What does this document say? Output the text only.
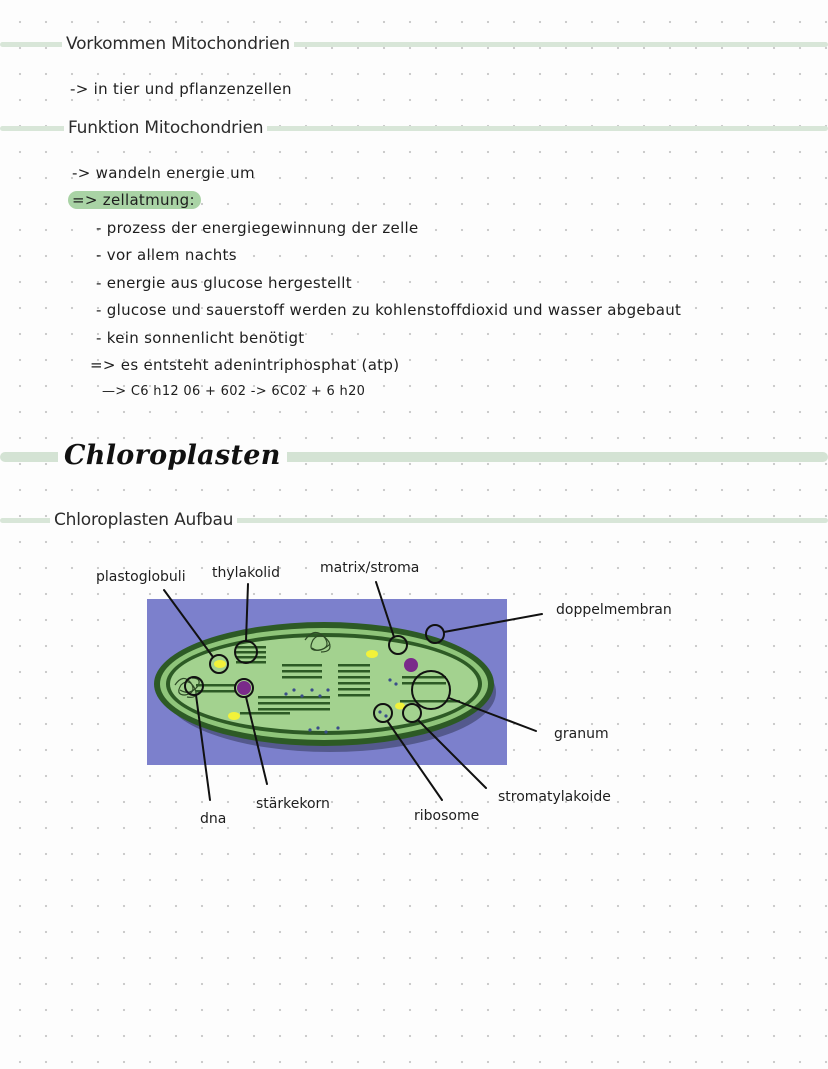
Vorkommen Mitochondrien
-> in tier und pflanzenzellen
Funktion Mitochondrien
-> wandeln energie um
=> zellatmung:
- prozess der energiegewinnung der zelle
- vor allem nachts
- energie aus glucose hergestellt
- glucose und sauerstoff werden zu kohlenstoffdioxid und wasser abgebaut
- kein sonnenlicht benötigt
=> es entsteht adenintriphosphat (atp)
—> C6 h12 06 + 602 -> 6C02 + 6 h20
Chloroplasten
Chloroplasten Aufbau
plastoglobuli thylakolid	matrix/stroma
doppelmembran
granum
stromatylakoide
ribosome
stärkekorn
dna
